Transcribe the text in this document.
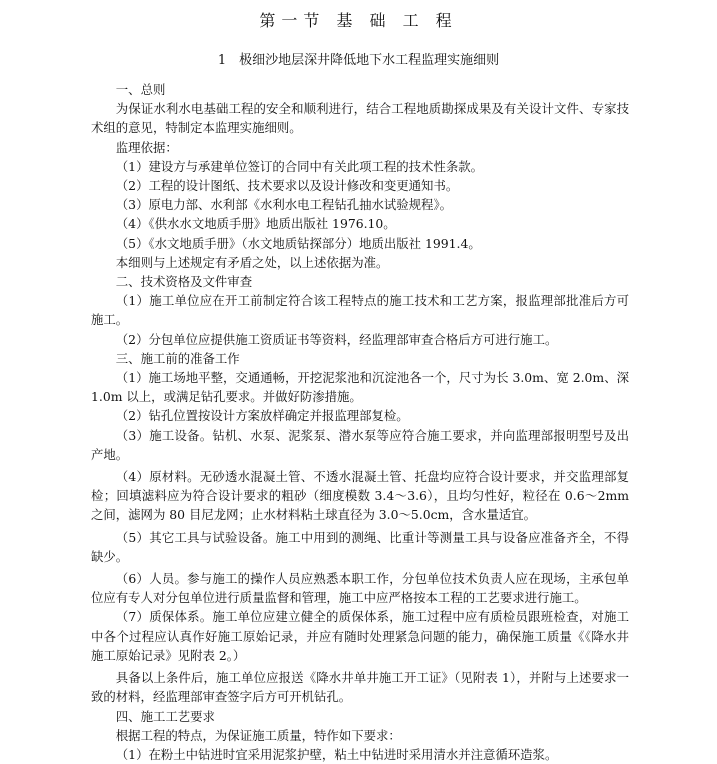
第一节 基 础 工 程
1　极细沙地层深井降低地下水工程监理实施细则

一、总则

为保证水利水电基础工程的安全和顺利进行，结合工程地质勘探成果及有关设计文件、专家技术组的意见，特制定本监理实施细则。

监理依据：

（1）建设方与承建单位签订的合同中有关此项工程的技术性条款。

（2）工程的设计图纸、技术要求以及设计修改和变更通知书。

（3）原电力部、水利部《水利水电工程钻孔抽水试验规程》。

（4）《供水水文地质手册》地质出版社 1976.10。

（5）《水文地质手册》（水文地质钻探部分）地质出版社 1991.4。

本细则与上述规定有矛盾之处，以上述依据为准。

二、技术资格及文件审查

（1）施工单位应在开工前制定符合该工程特点的施工技术和工艺方案，报监理部批准后方可施工。

（2）分包单位应提供施工资质证书等资料，经监理部审查合格后方可进行施工。

三、施工前的准备工作

（1）施工场地平整，交通通畅，开挖泥浆池和沉淀池各一个，尺寸为长 3.0m、宽 2.0m、深 1.0m 以上，或满足钻孔要求。并做好防渗措施。

（2）钻孔位置按设计方案放样确定并报监理部复检。

（3）施工设备。钻机、水泵、泥浆泵、潜水泵等应符合施工要求，并向监理部报明型号及出产地。

（4）原材料。无砂透水混凝土管、不透水混凝土管、托盘均应符合设计要求，并交监理部复检；回填滤料应为符合设计要求的粗砂（细度模数 3.4～3.6），且均匀性好，粒径在 0.6～2mm 之间，滤网为 80 目尼龙网；止水材料粘土球直径为 3.0～5.0cm，含水量适宜。

（5）其它工具与试验设备。施工中用到的测绳、比重计等测量工具与设备应准备齐全，不得缺少。

（6）人员。参与施工的操作人员应熟悉本职工作，分包单位技术负责人应在现场，主承包单位应有专人对分包单位进行质量监督和管理，施工中应严格按本工程的工艺要求进行施工。

（7）质保体系。施工单位应建立健全的质保体系，施工过程中应有质检员跟班检查，对施工中各个过程应认真作好施工原始记录，并应有随时处理紧急问题的能力，确保施工质量《《降水井施工原始记录》见附表 2。）

具备以上条件后，施工单位应报送《降水井单井施工开工证》（见附表 1），并附与上述要求一致的材料，经监理部审查签字后方可开机钻孔。

四、施工工艺要求

根据工程的特点，为保证施工质量，特作如下要求：

（1）在粉土中钻进时宜采用泥浆护壁，粘土中钻进时采用清水并注意循环造浆。
